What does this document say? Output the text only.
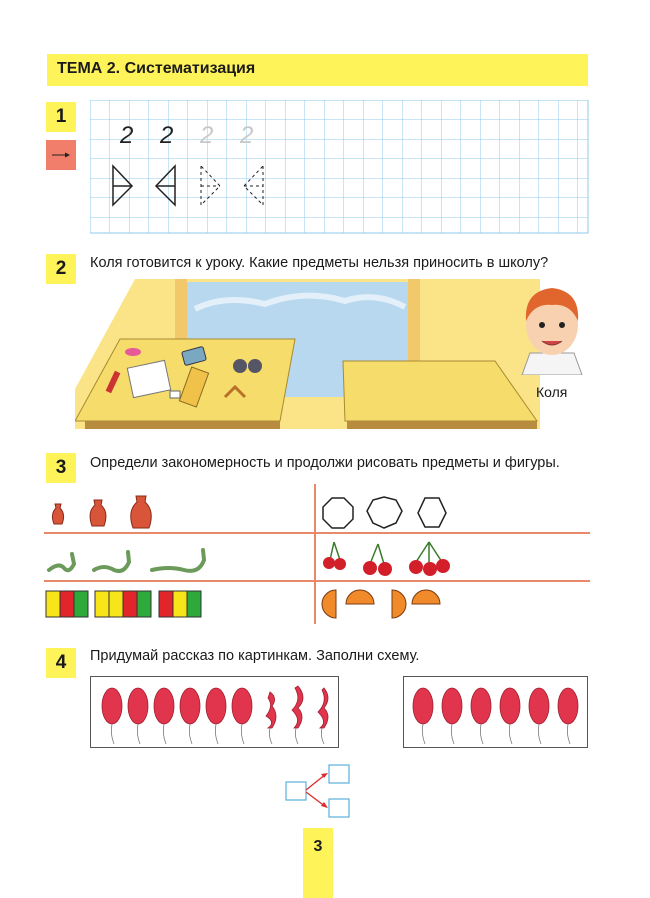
ТЕМА 2. Систематизация
1
2 2 2 2
2	Коля готовится к уроку. Какие предметы нельзя приносить в школу?
Коля
3	Определи закономерность и продолжи рисовать предметы и фигуры.
4	Придумай рассказ по картинкам. Заполни схему.
3
